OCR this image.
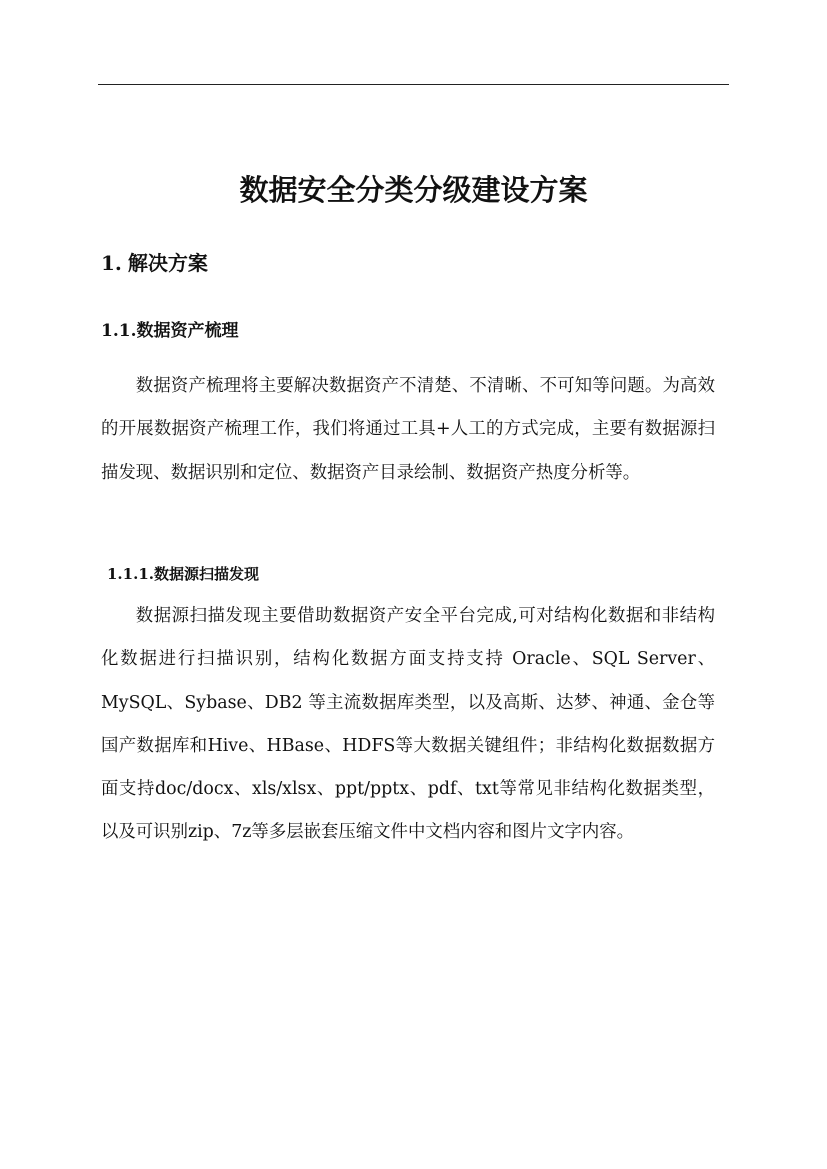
数据安全分类分级建设方案
1. 解决方案
1.1.数据资产梳理

数据资产梳理将主要解决数据资产不清楚、不清晰、不可知等问题。为高效的开展数据资产梳理工作，我们将通过工具+人工的方式完成，主要有数据源扫描发现、数据识别和定位、数据资产目录绘制、数据资产热度分析等。

1.1.1.数据源扫描发现

数据源扫描发现主要借助数据资产安全平台完成,可对结构化数据和非结构化数据进行扫描识别，结构化数据方面支持支持 Oracle、SQL Server、MySQL、Sybase、DB2 等主流数据库类型，以及高斯、达梦、神通、金仓等国产数据库和Hive、HBase、HDFS等大数据关键组件；非结构化数据数据方面支持doc/docx、xls/xlsx、ppt/pptx、pdf、txt等常见非结构化数据类型，以及可识别zip、7z等多层嵌套压缩文件中文档内容和图片文字内容。
